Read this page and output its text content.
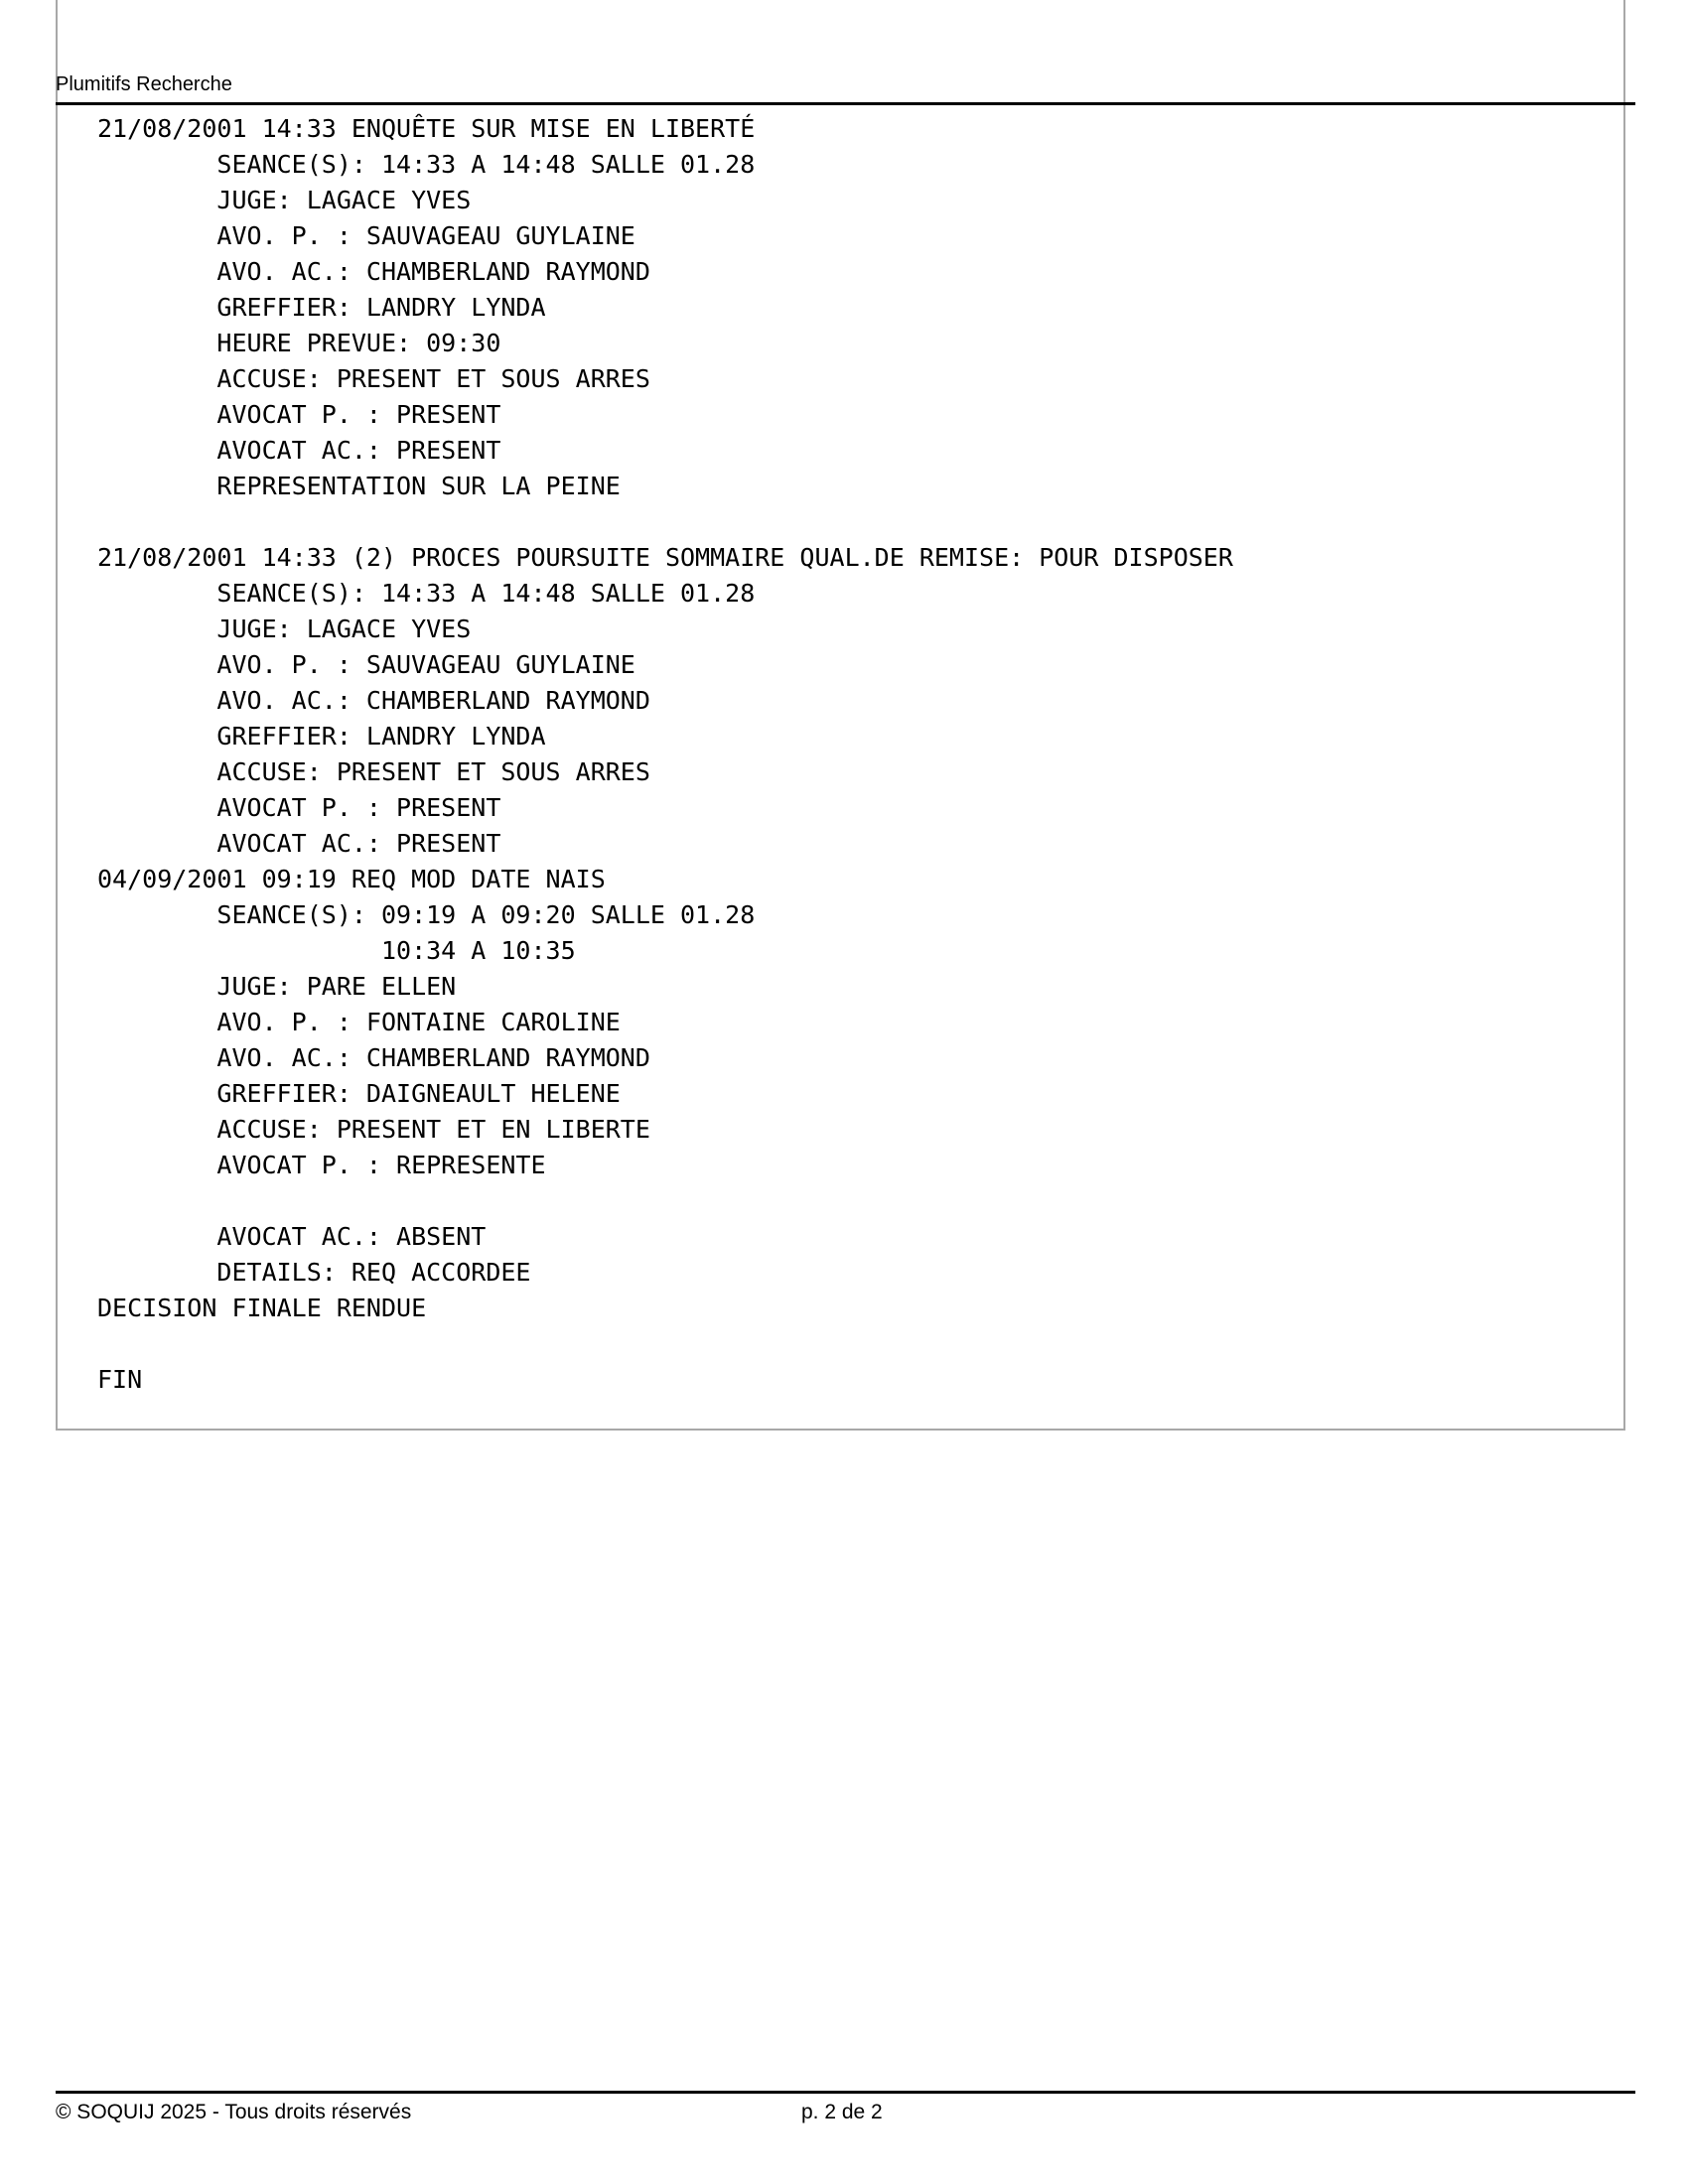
Plumitifs Recherche
21/08/2001 14:33 ENQUÊTE SUR MISE EN LIBERTÉ
SEANCE(S): 14:33 A 14:48 SALLE 01.28
JUGE: LAGACE YVES
AVO. P. : SAUVAGEAU GUYLAINE
AVO. AC.: CHAMBERLAND RAYMOND
GREFFIER: LANDRY LYNDA
HEURE PREVUE: 09:30
ACCUSE: PRESENT ET SOUS ARRES
AVOCAT P. : PRESENT
AVOCAT AC.: PRESENT
REPRESENTATION SUR LA PEINE
21/08/2001 14:33 (2) PROCES POURSUITE SOMMAIRE QUAL.DE REMISE: POUR DISPOSER
SEANCE(S): 14:33 A 14:48 SALLE 01.28
JUGE: LAGACE YVES
AVO. P. : SAUVAGEAU GUYLAINE
AVO. AC.: CHAMBERLAND RAYMOND
GREFFIER: LANDRY LYNDA
ACCUSE: PRESENT ET SOUS ARRES
AVOCAT P. : PRESENT
AVOCAT AC.: PRESENT
04/09/2001 09:19 REQ MOD DATE NAIS
SEANCE(S): 09:19 A 09:20 SALLE 01.28
10:34 A 10:35
JUGE: PARE ELLEN
AVO. P. : FONTAINE CAROLINE
AVO. AC.: CHAMBERLAND RAYMOND
GREFFIER: DAIGNEAULT HELENE
ACCUSE: PRESENT ET EN LIBERTE
AVOCAT P. : REPRESENTE
AVOCAT AC.: ABSENT
DETAILS: REQ ACCORDEE
DECISION FINALE RENDUE
FIN
© SOQUIJ 2025 - Tous droits réservés	p. 2 de 2
